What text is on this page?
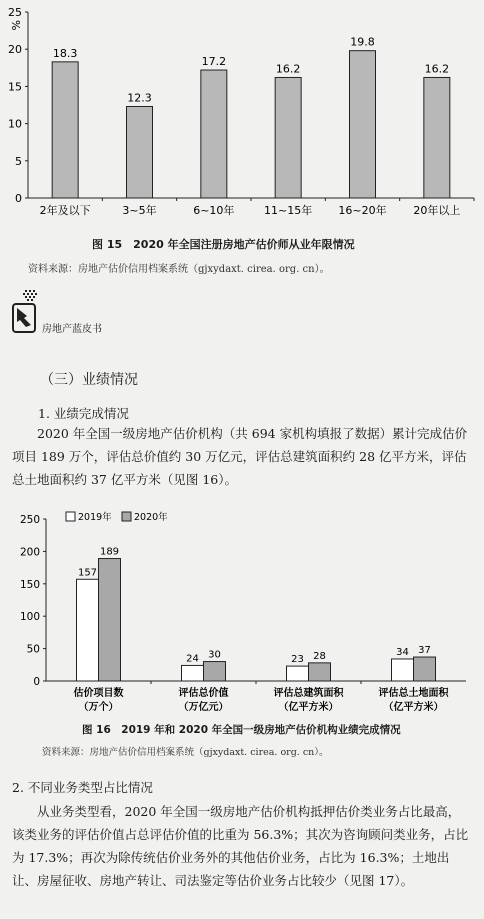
0
5
10
15
20
25
%
18.3
2年及以下
12.3
3~5年
17.2
6~10年
16.2
11~15年
19.8
16~20年
16.2
20年以上
图 15　2020 年全国注册房地产估价师从业年限情况
资料来源：房地产估价信用档案系统（gjxydaxt. cirea. org. cn）。
房地产蓝皮书
（三）业绩情况
1. 业绩完成情况

2020 年全国一级房地产估价机构（共 694 家机构填报了数据）累计完成估价项目 189 万个，评估总价值约 30 万亿元，评估总建筑面积约 28 亿平方米，评估总土地面积约 37 亿平方米（见图 16）。

0
50
100
150
200
250	2019年 2020年
157
189
估价项目数
（万个）
24 30
评估总价值
（万亿元）
23 28
评估总建筑面积
（亿平方米）
34 37
评估总土地面积
（亿平方米）
图 16　2019 年和 2020 年全国一级房地产估价机构业绩完成情况
资料来源：房地产估价信用档案系统（gjxydaxt. cirea. org. cn）。
2. 不同业务类型占比情况

从业务类型看，2020 年全国一级房地产估价机构抵押估价类业务占比最高，该类业务的评估价值占总评估价值的比重为 56.3%；其次为咨询顾问类业务，占比为 17.3%；再次为除传统估价业务外的其他估价业务，占比为 16.3%；土地出让、房屋征收、房地产转让、司法鉴定等估价业务占比较少（见图 17）。
